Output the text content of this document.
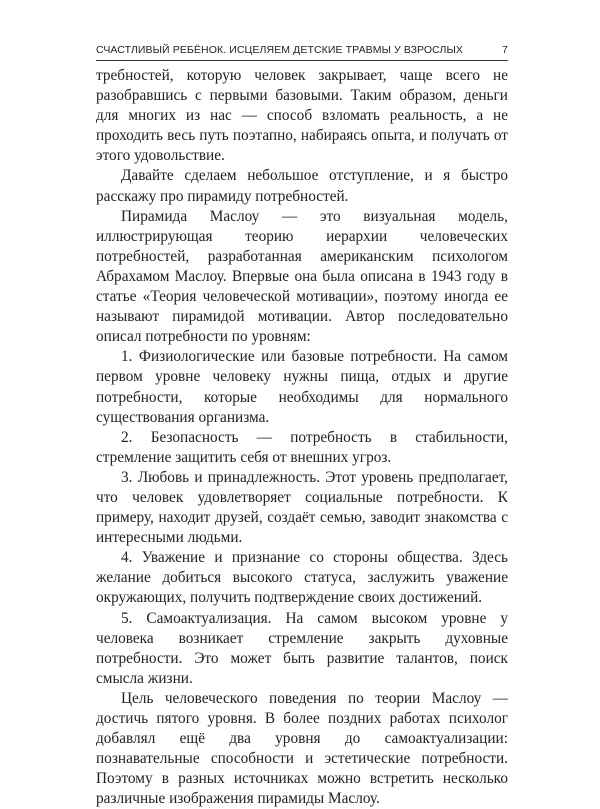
СЧАСТЛИВЫЙ РЕБЁНОК. ИСЦЕЛЯЕМ ДЕТСКИЕ ТРАВМЫ У ВЗРОСЛЫХ	7

требностей, которую человек закрывает, чаще всего не разобравшись с первыми базовыми. Таким образом, деньги для многих из нас — способ взломать реальность, а не проходить весь путь поэтапно, набираясь опыта, и получать от этого удовольствие.

Давайте сделаем небольшое отступление, и я быстро расскажу про пирамиду потребностей.

Пирамида Маслоу — это визуальная модель, иллюстрирующая теорию иерархии человеческих потребностей, разработанная американским психологом Абрахамом Маслоу. Впервые она была описана в 1943 году в статье «Теория человеческой мотивации», поэтому иногда ее называют пирамидой мотивации. Автор последовательно описал потребности по уровням:

1. Физиологические или базовые потребности. На самом первом уровне человеку нужны пища, отдых и другие потребности, которые необходимы для нормального существования организма.

2. Безопасность — потребность в стабильности, стремление защитить себя от внешних угроз.

3. Любовь и принадлежность. Этот уровень предполагает, что человек удовлетворяет социальные потребности. К примеру, находит друзей, создаёт семью, заводит знакомства с интересными людьми.

4. Уважение и признание со стороны общества. Здесь желание добиться высокого статуса, заслужить уважение окружающих, получить подтверждение своих достижений.

5. Самоактуализация. На самом высоком уровне у человека возникает стремление закрыть духовные потребности. Это может быть развитие талантов, поиск смысла жизни.

Цель человеческого поведения по теории Маслоу — достичь пятого уровня. В более поздних работах психолог добавлял ещё два уровня до самоактуализации: познавательные способности и эстетические потребности. Поэтому в разных источниках можно встретить несколько различные изображения пирамиды Маслоу.
